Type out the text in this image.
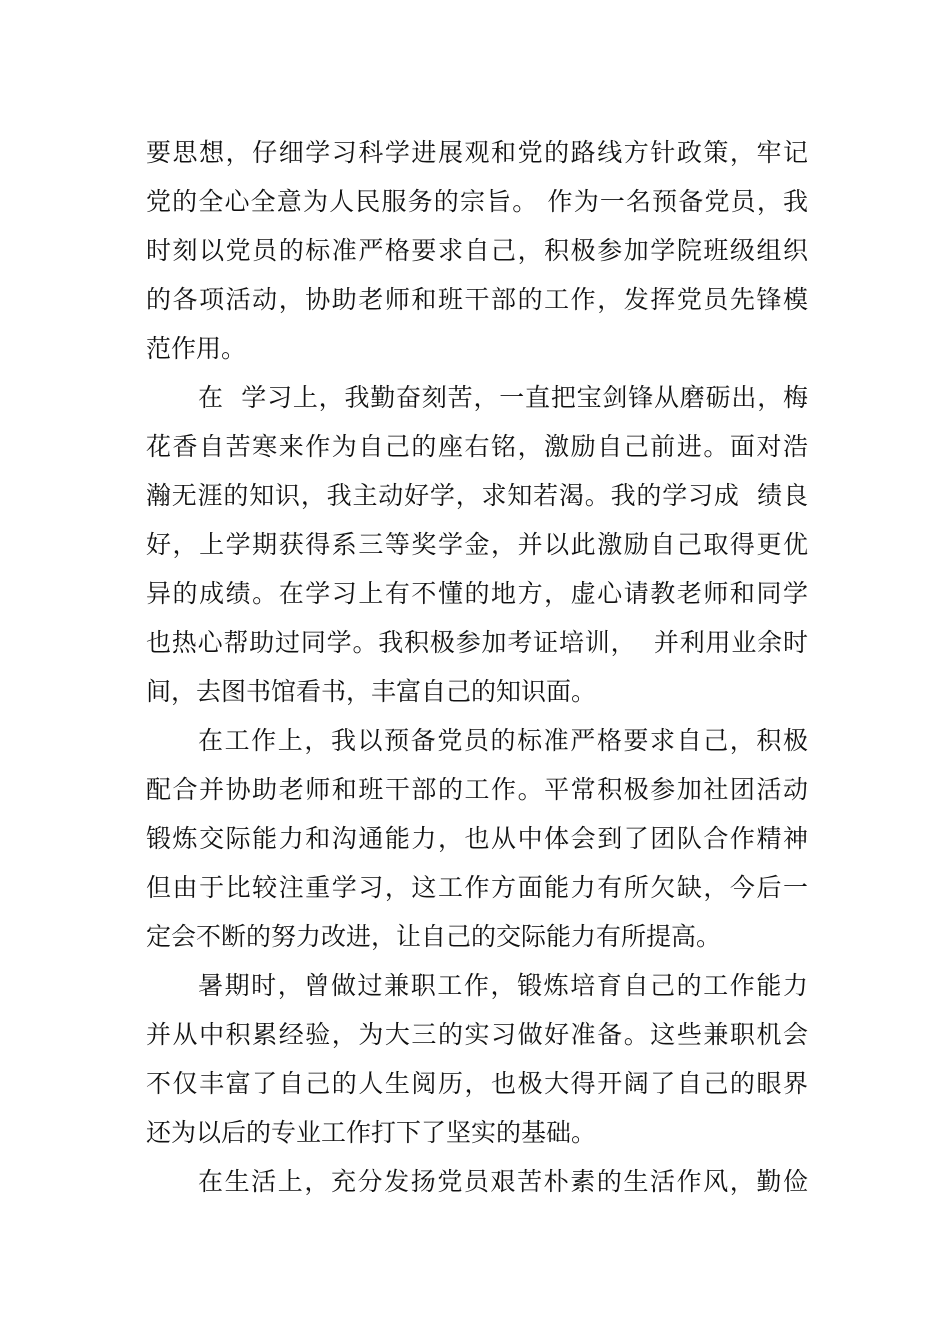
要思想，仔细学习科学进展观和党的路线方针政策，牢记
党的全心全意为人民服务的宗旨。 作为一名预备党员，我
时刻以党员的标准严格要求自己，积极参加学院班级组织
的各项活动，协助老师和班干部的工作，发挥党员先锋模
范作用。
在  学习上，我勤奋刻苦，一直把宝剑锋从磨砺出，梅
花香自苦寒来作为自己的座右铭，激励自己前进。面对浩
瀚无涯的知识，我主动好学，求知若渴。我的学习成  绩良
好，上学期获得系三等奖学金，并以此激励自己取得更优
异的成绩。在学习上有不懂的地方，虚心请教老师和同学
也热心帮助过同学。我积极参加考证培训，  并利用业余时
间，去图书馆看书，丰富自己的知识面。
在工作上，我以预备党员的标准严格要求自己，积极
配合并协助老师和班干部的工作。平常积极参加社团活动
锻炼交际能力和沟通能力，也从中体会到了团队合作精神
但由于比较注重学习，这工作方面能力有所欠缺，今后一
定会不断的努力改进，让自己的交际能力有所提高。
暑期时，曾做过兼职工作，锻炼培育自己的工作能力
并从中积累经验，为大三的实习做好准备。这些兼职机会
不仅丰富了自己的人生阅历，也极大得开阔了自己的眼界
还为以后的专业工作打下了坚实的基础。
在生活上，充分发扬党员艰苦朴素的生活作风，勤俭
